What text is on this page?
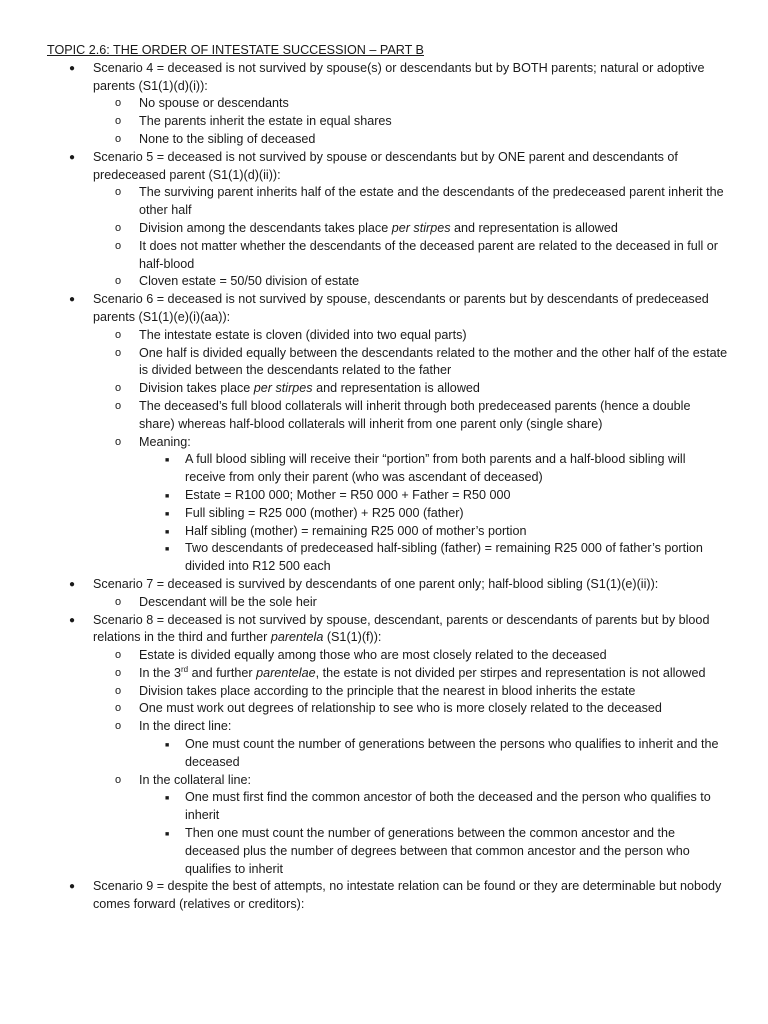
TOPIC 2.6: THE ORDER OF INTESTATE SUCCESSION – PART B
● Scenario 4 = deceased is not survived by spouse(s) or descendants but by BOTH parents; natural or adoptive parents (S1(1)(d)(i)):
o No spouse or descendants
o The parents inherit the estate in equal shares
o None to the sibling of deceased
● Scenario 5 = deceased is not survived by spouse or descendants but by ONE parent and descendants of predeceased parent (S1(1)(d)(ii)):
o The surviving parent inherits half of the estate and the descendants of the predeceased parent inherit the other half
o Division among the descendants takes place per stirpes and representation is allowed
o It does not matter whether the descendants of the deceased parent are related to the deceased in full or half-blood
o Cloven estate = 50/50 division of estate
● Scenario 6 = deceased is not survived by spouse, descendants or parents but by descendants of predeceased parents (S1(1)(e)(i)(aa)):
o The intestate estate is cloven (divided into two equal parts)
o One half is divided equally between the descendants related to the mother and the other half of the estate is divided between the descendants related to the father
o Division takes place per stirpes and representation is allowed
o The deceased’s full blood collaterals will inherit through both predeceased parents (hence a double share) whereas half-blood collaterals will inherit from one parent only (single share)
o Meaning:
■ A full blood sibling will receive their “portion” from both parents and a half-blood sibling will receive from only their parent (who was ascendant of deceased)
■ Estate = R100 000; Mother = R50 000 + Father = R50 000
■ Full sibling = R25 000 (mother) + R25 000 (father)
■ Half sibling (mother) = remaining R25 000 of mother’s portion
■ Two descendants of predeceased half-sibling (father) = remaining R25 000 of father’s portion divided into R12 500 each
● Scenario 7 = deceased is survived by descendants of one parent only; half-blood sibling (S1(1)(e)(ii)):
o Descendant will be the sole heir
● Scenario 8 = deceased is not survived by spouse, descendant, parents or descendants of parents but by blood relations in the third and further parentela (S1(1)(f)):
o Estate is divided equally among those who are most closely related to the deceased
o In the 3rd and further parentelae, the estate is not divided per stirpes and representation is not allowed
o Division takes place according to the principle that the nearest in blood inherits the estate
o One must work out degrees of relationship to see who is more closely related to the deceased
o In the direct line:
■ One must count the number of generations between the persons who qualifies to inherit and the deceased
o In the collateral line:
■ One must first find the common ancestor of both the deceased and the person who qualifies to inherit
■ Then one must count the number of generations between the common ancestor and the deceased plus the number of degrees between that common ancestor and the person who qualifies to inherit
● Scenario 9 = despite the best of attempts, no intestate relation can be found or they are determinable but nobody comes forward (relatives or creditors):
